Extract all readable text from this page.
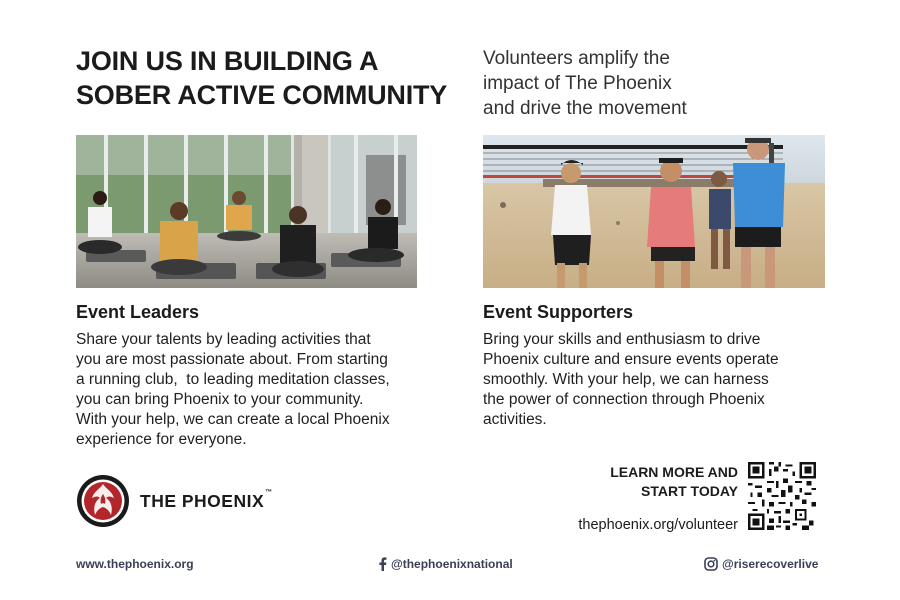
JOIN US IN BUILDING A
SOBER ACTIVE COMMUNITY
Volunteers amplify the
impact of The Phoenix
and drive the movement
Event Leaders
Share your talents by leading activities that
you are most passionate about. From starting
a running club,  to leading meditation classes,
you can bring Phoenix to your community.
With your help, we can create a local Phoenix
experience for everyone.
Event Supporters
Bring your skills and enthusiasm to drive
Phoenix culture and ensure events operate
smoothly. With your help, we can harness
the power of connection through Phoenix
activities.
THE PHOENIX™
LEARN MORE AND
START TODAY
thephoenix.org/volunteer
www.thephoenix.org	@thephoenixnational	@riserecoverlive
